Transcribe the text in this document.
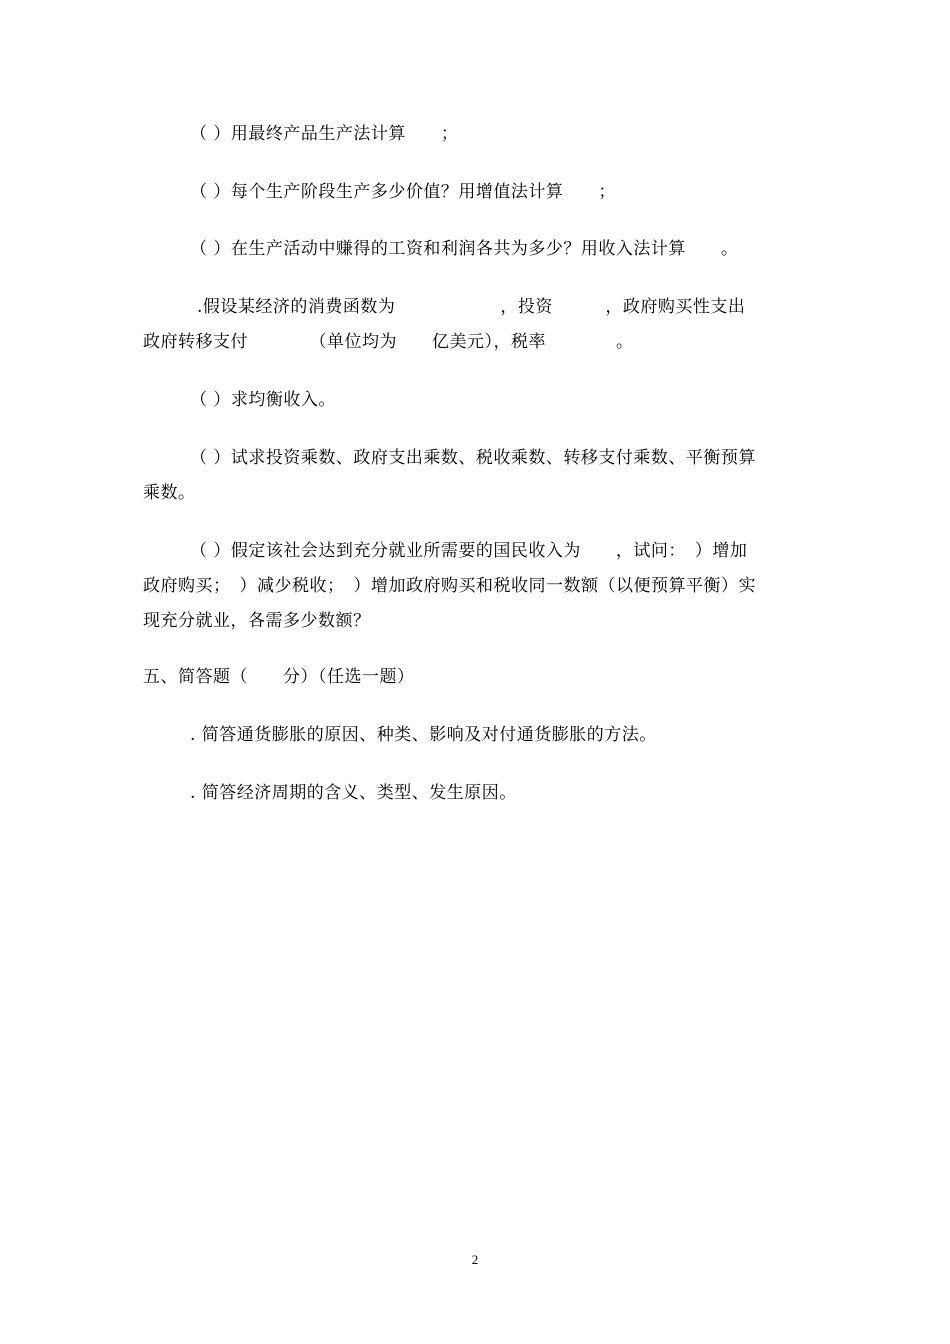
（ ）用最终产品生产法计算　　；
（ ）每个生产阶段生产多少价值？用增值法计算　　；
（ ）在生产活动中赚得的工资和利润各共为多少？用收入法计算　　。
.假设某经济的消费函数为　　　　　　，投资　　　，政府购买性支出
政府转移支付　　　　（单位均为　　亿美元），税率　　　　。
（ ）求均衡收入。
（ ）试求投资乘数、政府支出乘数、税收乘数、转移支付乘数、平衡预算
乘数。
（ ）假定该社会达到充分就业所需要的国民收入为　　，试问：　）增加
政府购买；　）减少税收；　）增加政府购买和税收同一数额（以便预算平衡）实
现充分就业，各需多少数额？
五、简答题（　　分）（任选一题）
. 简答通货膨胀的原因、种类、影响及对付通货膨胀的方法。
. 简答经济周期的含义、类型、发生原因。
2
